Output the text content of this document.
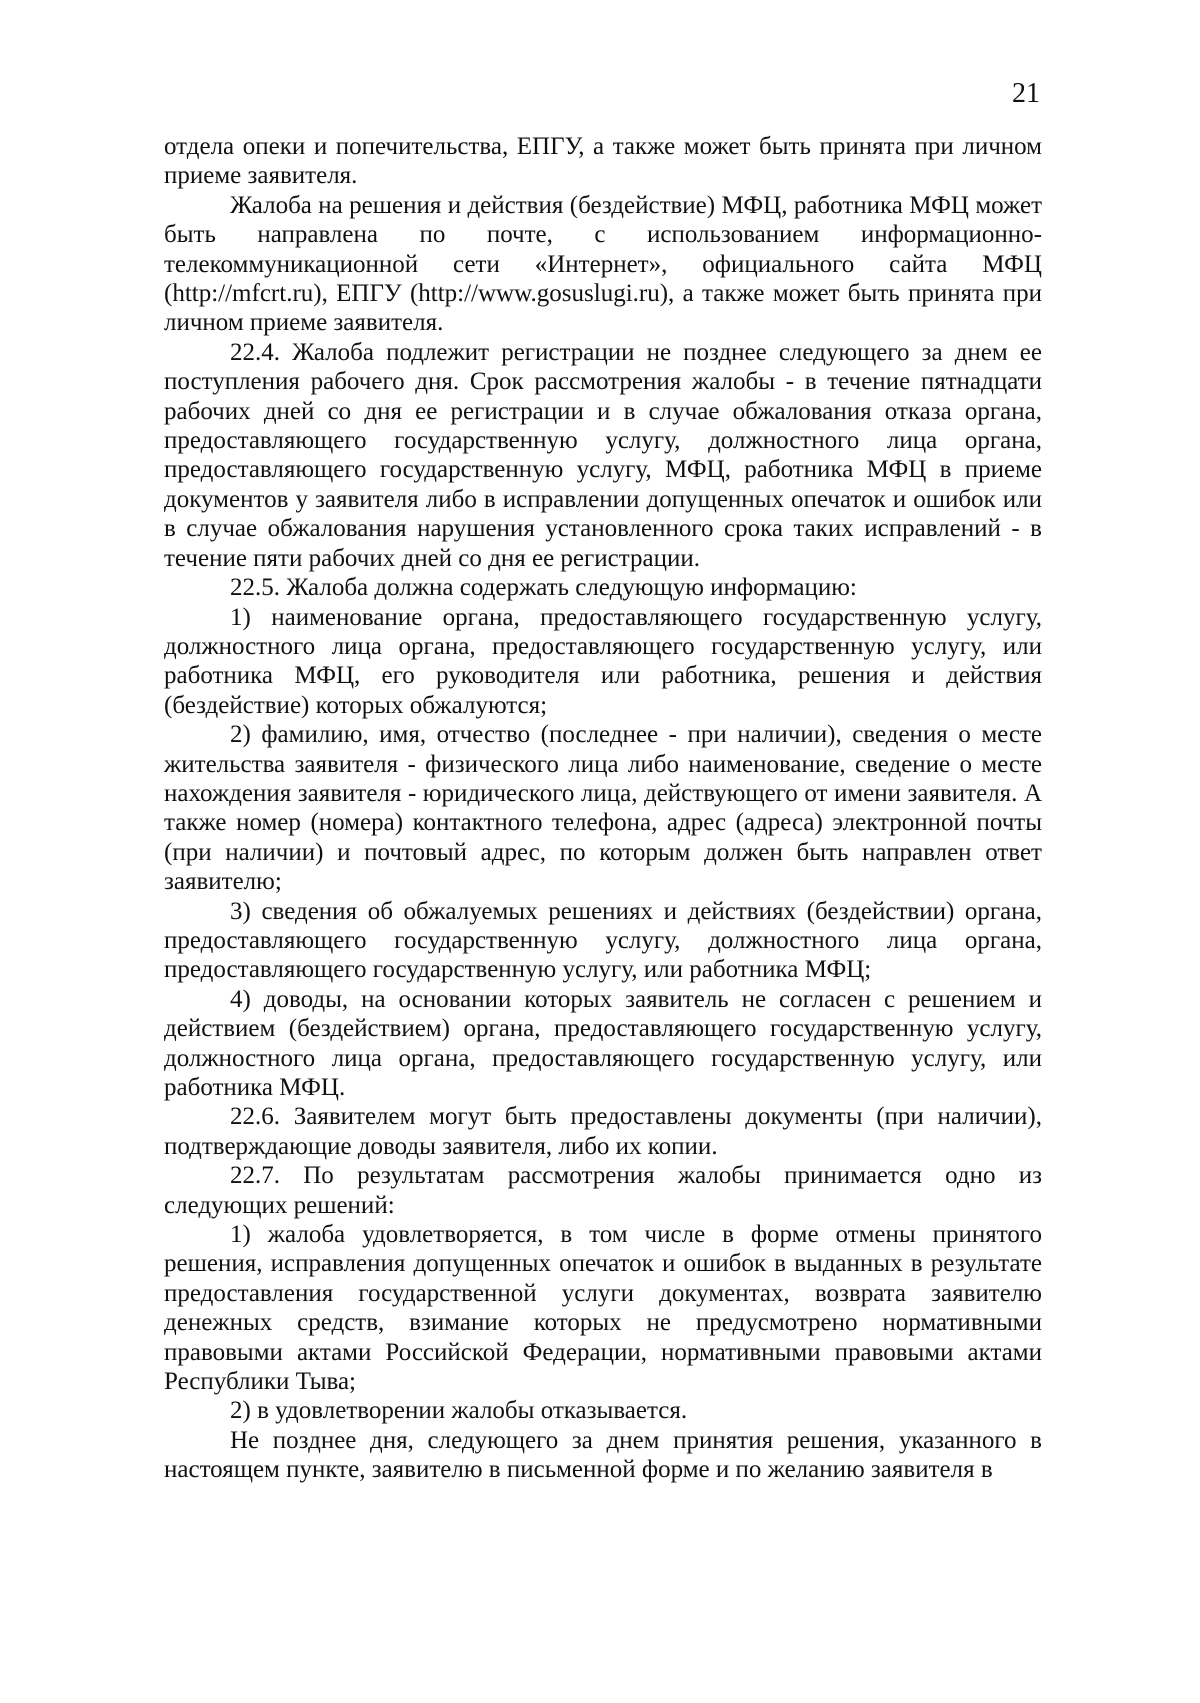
21

отдела опеки и попечительства, ЕПГУ, а также может быть принята при личном приеме заявителя.

Жалоба на решения и действия (бездействие) МФЦ, работника МФЦ может быть направлена по почте, с использованием информационно-телекоммуникационной сети «Интернет», официального сайта МФЦ (http://mfcrt.ru), ЕПГУ (http://www.gosuslugi.ru), а также может быть принята при личном приеме заявителя.

22.4. Жалоба подлежит регистрации не позднее следующего за днем ее поступления рабочего дня. Срок рассмотрения жалобы - в течение пятнадцати рабочих дней со дня ее регистрации и в случае обжалования отказа органа, предоставляющего государственную услугу, должностного лица органа, предоставляющего государственную услугу, МФЦ, работника МФЦ в приеме документов у заявителя либо в исправлении допущенных опечаток и ошибок или в случае обжалования нарушения установленного срока таких исправлений - в течение пяти рабочих дней со дня ее регистрации.

22.5. Жалоба должна содержать следующую информацию:

1) наименование органа, предоставляющего государственную услугу, должностного лица органа, предоставляющего государственную услугу, или работника МФЦ, его руководителя или работника, решения и действия (бездействие) которых обжалуются;

2) фамилию, имя, отчество (последнее - при наличии), сведения о месте жительства заявителя - физического лица либо наименование, сведение о месте нахождения заявителя - юридического лица, действующего от имени заявителя. А также номер (номера) контактного телефона, адрес (адреса) электронной почты (при наличии) и почтовый адрес, по которым должен быть направлен ответ заявителю;

3) сведения об обжалуемых решениях и действиях (бездействии) органа, предоставляющего государственную услугу, должностного лица органа, предоставляющего государственную услугу, или работника МФЦ;

4) доводы, на основании которых заявитель не согласен с решением и действием (бездействием) органа, предоставляющего государственную услугу, должностного лица органа, предоставляющего государственную услугу, или работника МФЦ.

22.6. Заявителем могут быть предоставлены документы (при наличии), подтверждающие доводы заявителя, либо их копии.

22.7. По результатам рассмотрения жалобы принимается одно из следующих решений:

1) жалоба удовлетворяется, в том числе в форме отмены принятого решения, исправления допущенных опечаток и ошибок в выданных в результате предоставления государственной услуги документах, возврата заявителю денежных средств, взимание которых не предусмотрено нормативными правовыми актами Российской Федерации, нормативными правовыми актами Республики Тыва;

2) в удовлетворении жалобы отказывается.

Не позднее дня, следующего за днем принятия решения, указанного в настоящем пункте, заявителю в письменной форме и по желанию заявителя в
